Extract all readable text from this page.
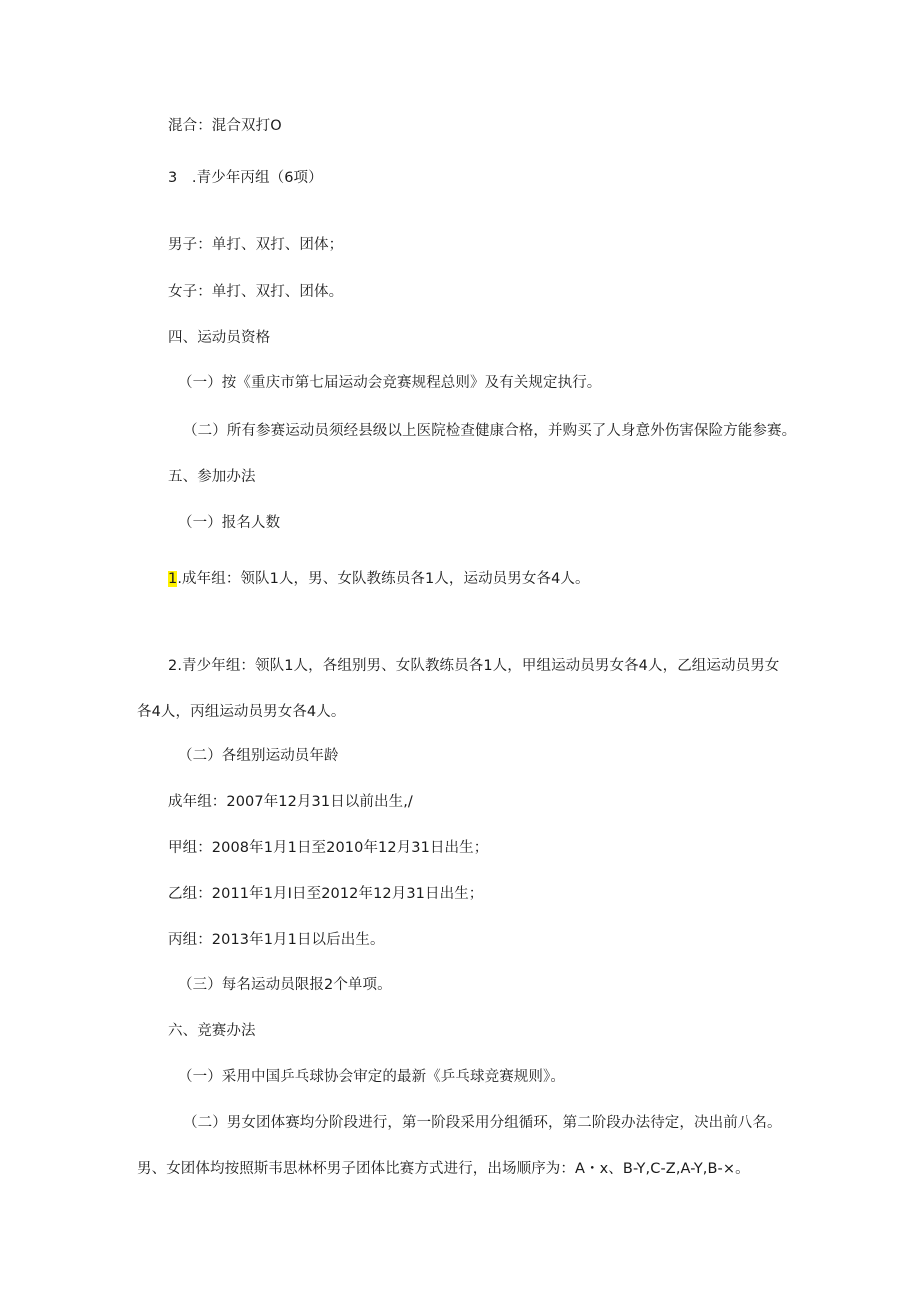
混合：混合双打O
3　.青少年丙组（6项）
男子：单打、双打、团体；
女子：单打、双打、团体。
四、运动员资格
（一）按《重庆市第七届运动会竞赛规程总则》及有关规定执行。
（二）所有参赛运动员须经县级以上医院检查健康合格，并购买了人身意外伤害保险方能参赛。
五、参加办法
（一）报名人数
1.成年组：领队1人，男、女队教练员各1人，运动员男女各4人。
2.青少年组：领队1人，各组别男、女队教练员各1人，甲组运动员男女各4人，乙组运动员男女
各4人，丙组运动员男女各4人。
（二）各组别运动员年龄
成年组：2007年12月31日以前出生,∕
甲组：2008年1月1日至2010年12月31日出生；
乙组：2011年1月I日至2012年12月31日出生；
丙组：2013年1月1日以后出生。
（三）每名运动员限报2个单项。
六、竞赛办法
（一）采用中国乒乓球协会审定的最新《乒乓球竞赛规则》。
（二）男女团体赛均分阶段进行，第一阶段采用分组循环，第二阶段办法待定，决出前八名。
男、女团体均按照斯韦思林杯男子团体比赛方式进行，出场顺序为：A・x、B-Y,C-Z,A-Y,B-×。
